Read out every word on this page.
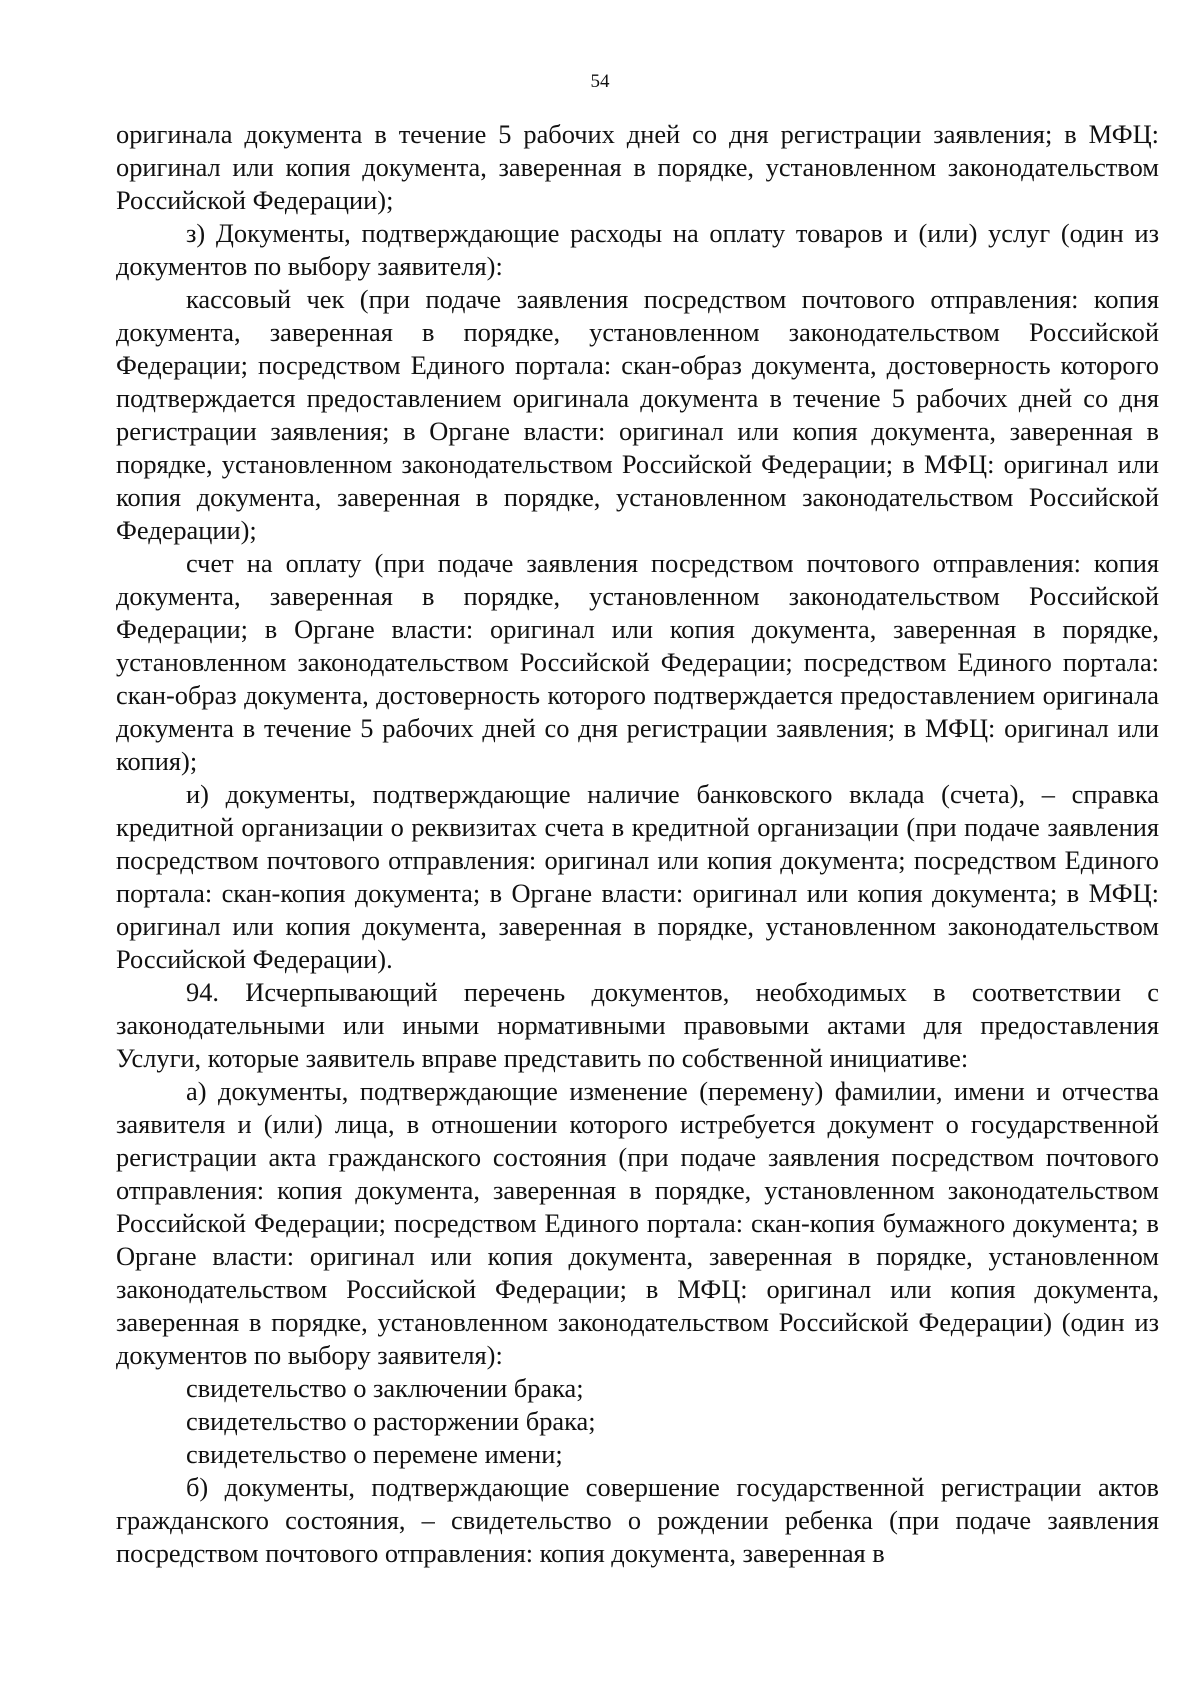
54

оригинала документа в течение 5 рабочих дней со дня регистрации заявления; в МФЦ: оригинал или копия документа, заверенная в порядке, установленном законодательством Российской Федерации);

з) Документы, подтверждающие расходы на оплату товаров и (или) услуг (один из документов по выбору заявителя):

кассовый чек (при подаче заявления посредством почтового отправления: копия документа, заверенная в порядке, установленном законодательством Российской Федерации; посредством Единого портала: скан-образ документа, достоверность которого подтверждается предоставлением оригинала документа в течение 5 рабочих дней со дня регистрации заявления; в Органе власти: оригинал или копия документа, заверенная в порядке, установленном законодательством Российской Федерации; в МФЦ: оригинал или копия документа, заверенная в порядке, установленном законодательством Российской Федерации);

счет на оплату (при подаче заявления посредством почтового отправления: копия документа, заверенная в порядке, установленном законодательством Российской Федерации; в Органе власти: оригинал или копия документа, заверенная в порядке, установленном законодательством Российской Федерации; посредством Единого портала: скан-образ документа, достоверность которого подтверждается предоставлением оригинала документа в течение 5 рабочих дней со дня регистрации заявления; в МФЦ: оригинал или копия);

и) документы, подтверждающие наличие банковского вклада (счета), – справка кредитной организации о реквизитах счета в кредитной организации (при подаче заявления посредством почтового отправления: оригинал или копия документа; посредством Единого портала: скан-копия документа; в Органе власти: оригинал или копия документа; в МФЦ: оригинал или копия документа, заверенная в порядке, установленном законодательством Российской Федерации).

94. Исчерпывающий перечень документов, необходимых в соответствии с законодательными или иными нормативными правовыми актами для предоставления Услуги, которые заявитель вправе представить по собственной инициативе:

а) документы, подтверждающие изменение (перемену) фамилии, имени и отчества заявителя и (или) лица, в отношении которого истребуется документ о государственной регистрации акта гражданского состояния (при подаче заявления посредством почтового отправления: копия документа, заверенная в порядке, установленном законодательством Российской Федерации; посредством Единого портала: скан-копия бумажного документа; в Органе власти: оригинал или копия документа, заверенная в порядке, установленном законодательством Российской Федерации; в МФЦ: оригинал или копия документа, заверенная в порядке, установленном законодательством Российской Федерации) (один из документов по выбору заявителя):

свидетельство о заключении брака;

свидетельство о расторжении брака;

свидетельство о перемене имени;

б) документы, подтверждающие совершение государственной регистрации актов гражданского состояния, – свидетельство о рождении ребенка (при подаче заявления посредством почтового отправления: копия документа, заверенная в
